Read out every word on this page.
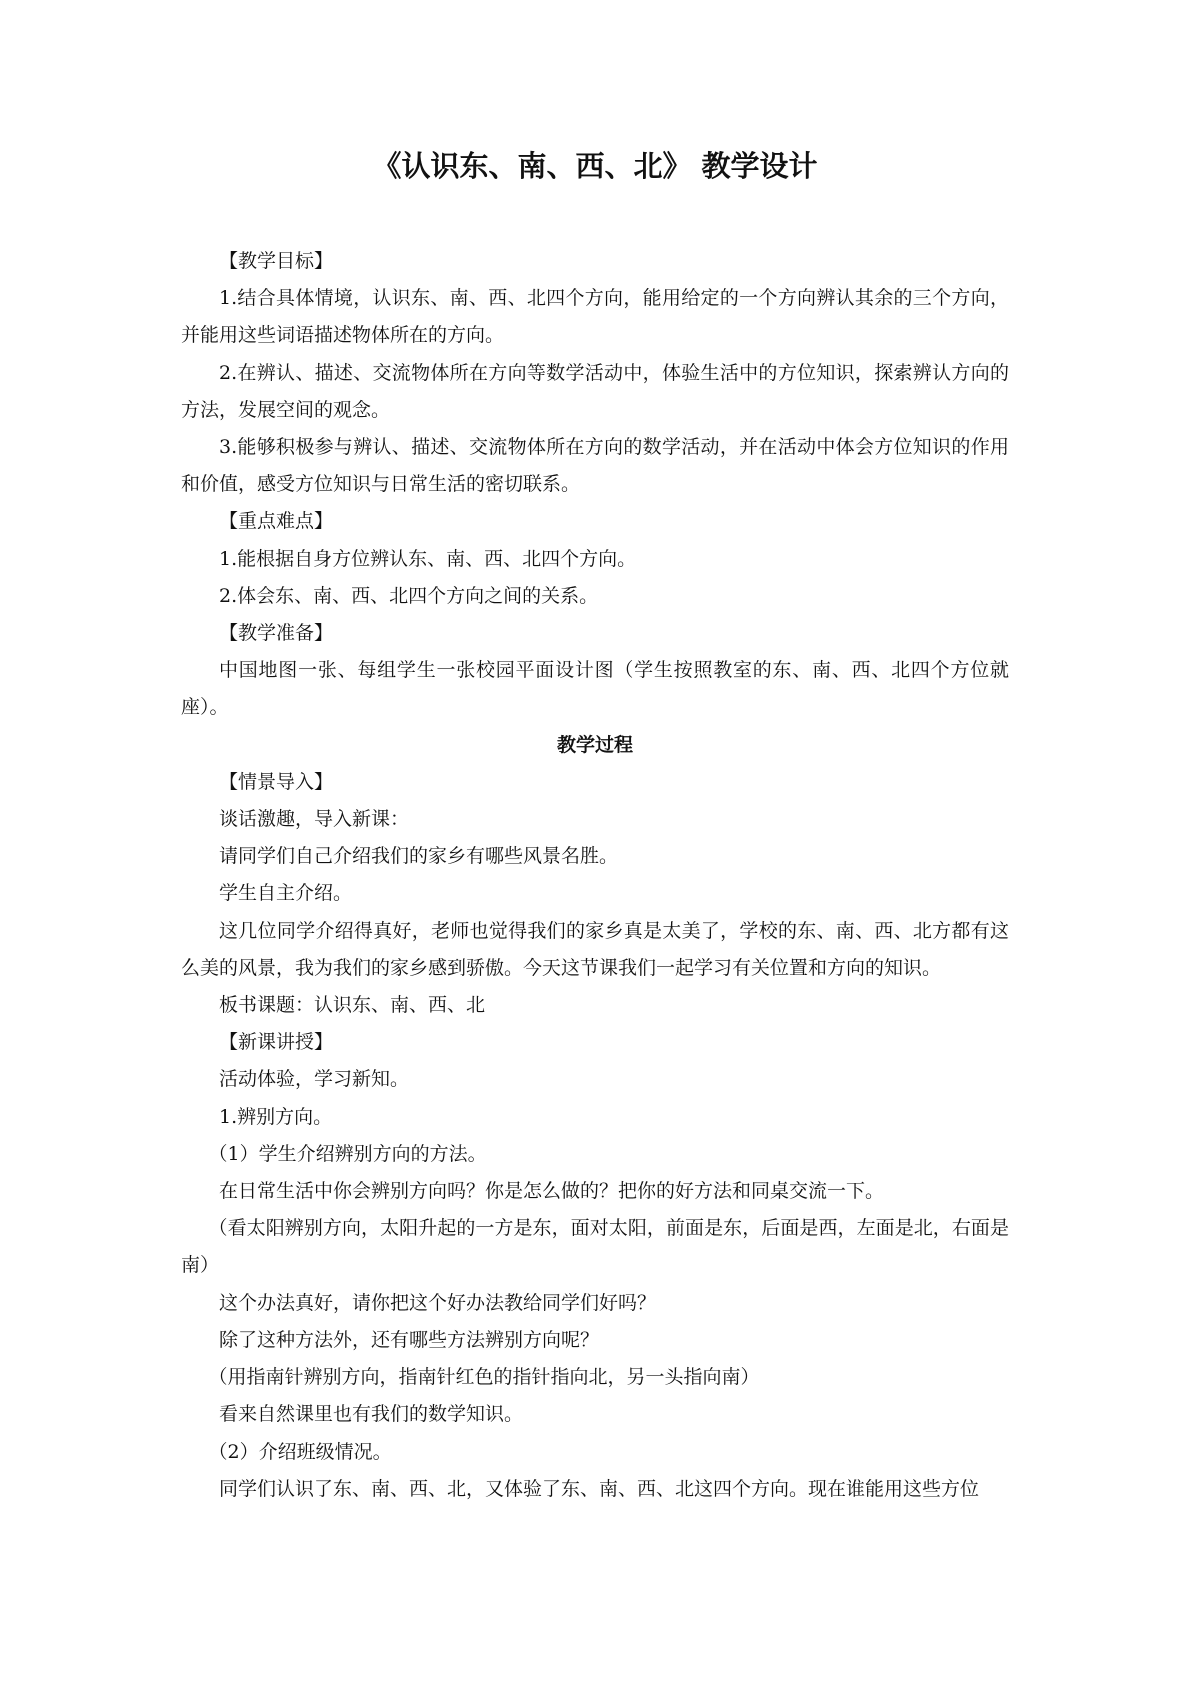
《认识东、南、西、北》 教学设计

【教学目标】

1.结合具体情境，认识东、南、西、北四个方向，能用给定的一个方向辨认其余的三个方向，并能用这些词语描述物体所在的方向。

2.在辨认、描述、交流物体所在方向等数学活动中，体验生活中的方位知识，探索辨认方向的方法，发展空间的观念。

3.能够积极参与辨认、描述、交流物体所在方向的数学活动，并在活动中体会方位知识的作用和价值，感受方位知识与日常生活的密切联系。

【重点难点】

1.能根据自身方位辨认东、南、西、北四个方向。

2.体会东、南、西、北四个方向之间的关系。

【教学准备】

中国地图一张、每组学生一张校园平面设计图（学生按照教室的东、南、西、北四个方位就座）。

教学过程

【情景导入】

谈话激趣，导入新课：

请同学们自己介绍我们的家乡有哪些风景名胜。

学生自主介绍。

这几位同学介绍得真好，老师也觉得我们的家乡真是太美了，学校的东、南、西、北方都有这么美的风景，我为我们的家乡感到骄傲。今天这节课我们一起学习有关位置和方向的知识。

板书课题：认识东、南、西、北

【新课讲授】

活动体验，学习新知。

1.辨别方向。

（1）学生介绍辨别方向的方法。

在日常生活中你会辨别方向吗？你是怎么做的？把你的好方法和同桌交流一下。

（看太阳辨别方向，太阳升起的一方是东，面对太阳，前面是东，后面是西，左面是北，右面是南）

这个办法真好，请你把这个好办法教给同学们好吗？

除了这种方法外，还有哪些方法辨别方向呢？

（用指南针辨别方向，指南针红色的指针指向北，另一头指向南）

看来自然课里也有我们的数学知识。

（2）介绍班级情况。

同学们认识了东、南、西、北，又体验了东、南、西、北这四个方向。现在谁能用这些方位
